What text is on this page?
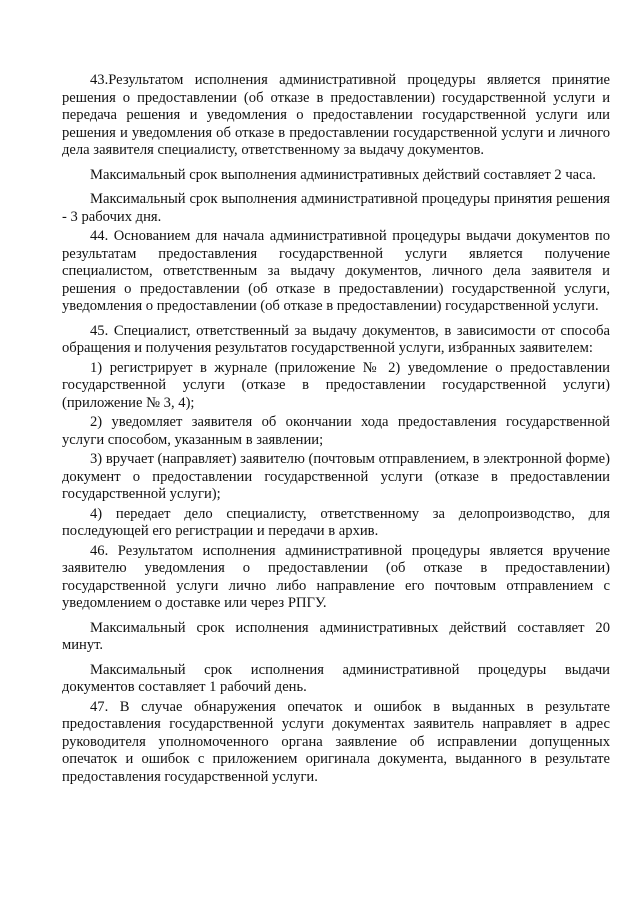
43.Результатом исполнения административной процедуры является принятие решения о предоставлении (об отказе в предоставлении) государственной услуги и передача решения и уведомления о предоставлении государственной услуги или решения и уведомления об отказе в предоставлении государственной услуги и личного дела заявителя специалисту, ответственному за выдачу документов.

Максимальный срок выполнения административных действий составляет 2 часа.

Максимальный срок выполнения административной процедуры принятия решения - 3 рабочих дня.

44. Основанием для начала административной процедуры выдачи документов по результатам предоставления государственной услуги является получение специалистом, ответственным за выдачу документов, личного дела заявителя и решения о предоставлении (об отказе в предоставлении) государственной услуги, уведомления о предоставлении (об отказе в предоставлении) государственной услуги.

45. Специалист, ответственный за выдачу документов, в зависимости от способа обращения и получения результатов государственной услуги, избранных заявителем:

1) регистрирует в журнале (приложение № 2) уведомление о предоставлении государственной услуги (отказе в предоставлении государственной услуги) (приложение № 3, 4);

2) уведомляет заявителя об окончании хода предоставления государственной услуги способом, указанным в заявлении;

3) вручает (направляет) заявителю (почтовым отправлением, в электронной форме) документ о предоставлении государственной услуги (отказе в предоставлении государственной услуги);

4) передает дело специалисту, ответственному за делопроизводство, для последующей его регистрации и передачи в архив.

46. Результатом исполнения административной процедуры является вручение заявителю уведомления о предоставлении (об отказе в предоставлении) государственной услуги лично либо направление его почтовым отправлением с уведомлением о доставке или через РПГУ.

Максимальный срок исполнения административных действий составляет 20 минут.

Максимальный срок исполнения административной процедуры выдачи документов составляет 1 рабочий день.

47. В случае обнаружения опечаток и ошибок в выданных в результате предоставления государственной услуги документах заявитель направляет в адрес руководителя уполномоченного органа заявление об исправлении допущенных опечаток и ошибок с приложением оригинала документа, выданного в результате предоставления государственной услуги.
